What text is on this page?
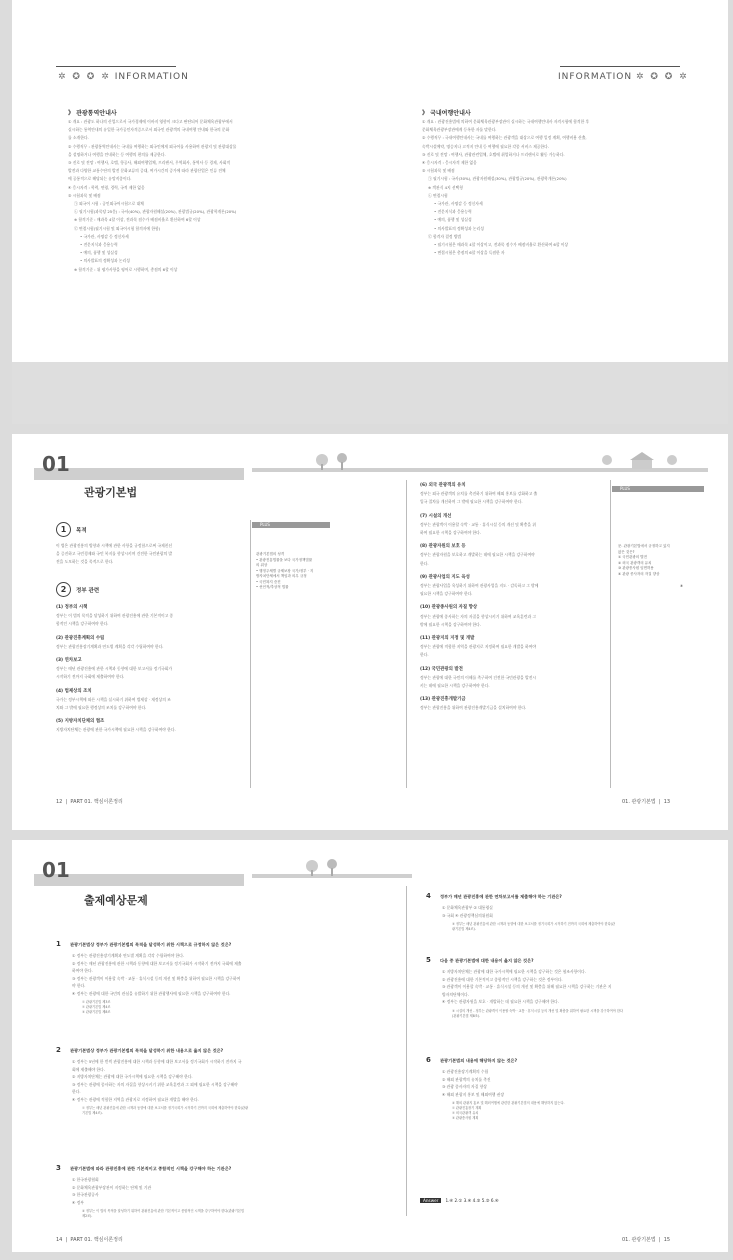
✲ ✪ ✪ ✲ INFORMATION	INFORMATION ✲ ✪ ✪ ✲
》 관광통역안내사
① 개요 : 관광도 하나의 산업으로서 국가경제에 이바지 영향이 크다고 판단되어 문화체육관광부에서
실시하는 통역안내의 유일한 국가공인자격증으로서 외국인 관광객의 국내여행 안내와 한국의 문화
를 소개한다.
② 수행직무 : 관광통역안내사는 국내를 여행하는 외국인에게 외국어를 사용하여 관광지 및 관광대상물
을 설명하거나 여행을 안내하는 등 여행의 편의를 제공한다.
③ 진로 및 전망 : 여행사, 호텔, 항공사, 해외여행업체, 프리랜서, 무역회사, 통역사 등 경제, 사회적
발전과 다양한 교통수단의 발전 문화교류의 증대, 여가시간의 증가에 따라 관광산업은 인류 전체
에 공통적으로 해당되는 유망직종이다.
④ 응시자격 : 학력, 연령, 경력, 국적 제한 없음
⑤ 시험과목 및 배점
㉠ 외국어 시험 : 공인외국어시험으로 대체
㉡ 필기시험(과목당 25문) : 국사(40%), 관광자원해설(20%), 관광법규(20%), 관광학개론(20%)
※ 합격기준 : 매과목 4할 이상, 전과목 점수가 배점비율로 환산하여 6할 이상
㉢ 면접시험(필기시험 및 외국어시험 합격자에 한함)
• 국가관, 사명감 등 정신자세
• 전문지식과 응용능력
• 예의, 품행 및 성실성
• 의사발표의 정확성과 논리성
※ 합격기준 : 위 평가사항을 평어로 시행하며, 총점의 6할 이상
》 국내여행안내사
① 개요 : 관광진흥법에 의하여 문화체육관광부장관이 실시하는 국내여행안내사 자격시험에 합격한 후
문화체육관광부장관에게 등록한 자를 말한다.
② 수행직무 : 국내여행안내사는 국내를 여행하는 관광객을 대상으로 여행 일정 계획, 여행비용 산출,
숙박시설예약, 명승지나 고적지 안내 등 여행에 필요한 각종 서비스 제공한다.
③ 진로 및 전망 : 여행사, 관광관련업체, 호텔에 취업하거나 프리랜서로 활동 가능하다.
④ 응시자격 : 응시자격 제한 없음
⑤ 시험과목 및 배점
㉠ 필기시험 : 국사(30%), 관광자원해설(30%), 관광법규(20%), 관광학개론(20%)
※ 객관식 4지 선택형
㉡ 면접시험
• 국가관, 사명감 등 정신자세
• 전문지식과 응용능력
• 예의, 품행 및 성실성
• 의사발표의 정확성과 논리성
㉢ 합격자 결정 방법
• 필기시험은 매과목 4할 이상이고, 전과목 점수가 배점비율로 환산하여 6할 이상
• 면접시험은 총점의 6할 이상을 득점한 자
01
관광기본법
1 목적
이 법은 관광진흥의 방향과 시책에 관한 사항을 규정함으로써 국제친선
을 증진하고 국민경제와 국민 복지를 향상시키며 건전한 국민관광의 발
전을 도모하는 것을 목적으로 한다.
2 정부 관련
(1) 정부의 시책
정부는 이 법의 목적을 달성하기 위하여 관광진흥에 관한 기본적이고 종
합적인 시책을 강구하여야 한다.
(2) 관광진흥계획의 수립
정부는 관광진흥장기계획과 연도별 계획을 각각 수립하여야 한다.
(3) 연차보고
정부는 매년 관광진흥에 관한 시책과 동향에 대한 보고서를 정기국회가
시작하기 전까지 국회에 제출하여야 한다.
(4) 법제상의 조치
국가는 정부시책에 따른 시책을 실시하기 위하여 법제상 · 재정상의 조
치와 그 밖에 필요한 행정상의 조치를 강구하여야 한다.
(5) 지방자치단체의 협조
지방자치단체는 관광에 관한 국가시책에 필요한 시책을 강구하여야 한다.
PLUS
관광기본법의 성격
• 관광진흥법률을 보다 국가정책법률
의 위상
• 행정주체별 규제보장 국가/정부 · 지
방자치단체에서 책임과 의무 규정
• 국민복지 증진
• 선언적/추상적 법률
(6) 외국 관광객의 유치
정부는 외국 관광객의 유치를 촉진하기 위하여 해외 홍보를 강화하고 출
입국 절차를 개선하며 그 밖에 필요한 시책을 강구하여야 한다.
(7) 시설의 개선
정부는 관광객이 이용할 숙박 · 교통 · 휴식시설 등의 개선 및 확충을 위
하여 필요한 시책을 강구하여야 한다.
(8) 관광자원의 보호 등
정부는 관광자원을 보호하고 개발하는 데에 필요한 시책을 강구하여야
한다.
(9) 관광사업의 지도 육성
정부는 관광사업을 육성하기 위하여 관광사업을 지도 · 감독하고 그 밖에
필요한 시책을 강구하여야 한다.
(10) 관광종사원의 자질 향상
정부는 관광에 종사하는 자의 자질을 향상시키기 위하여 교육훈련과 그
밖에 필요한 시책을 강구하여야 한다.
(11) 관광지의 지정 및 개발
정부는 관광에 적합한 지역을 관광지로 지정하여 필요한 개발을 하여야
한다.
(12) 국민관광의 발전
정부는 관광에 대한 국민의 이해를 촉구하여 건전한 국민관광을 발전시
키는 데에 필요한 시책을 강구하여야 한다.
(13) 관광진흥개발기금
정부는 관광진흥을 위하여 관광진흥개발기금을 설치하여야 한다.
PLUS
문. 관광기본법에서 규정하고 있지
않은 것은?
① 국민관광의 발전
② 외국 관광객의 유치
③ 관광종사원 임면허용
④ 관광 종사자의 자질 향상
③
12  |  PART 01. 핵심이론정리	01. 관광기본법  |  13
01
출제예상문제
1 관광기본법상 정부가 관광기본법의 목적을 달성하기 위한 시책으로 규정하지 않은 것은?
① 정부는 관광진흥장기계획과 연도별 계획을 각각 수립하여야 한다.
② 정부는 매년 관광진흥에 관한 시책과 동향에 대한 보고서를 정기국회가 시작하기 전까지 국회에 제출
하여야 한다.
③ 정부는 관광객이 이용할 숙박 · 교통 · 휴식시설 등의 개선 및 확충을 위하여 필요한 시책을 강구하여
야 한다.
④ 정부는 관광에 대한 국민의 관심을 유발하기 위한 관광행사에 필요한 시책을 강구하여야 한다.
① 관광기본법 제3조
② 관광기본법 제4조
③ 관광기본법 제8조
2 관광기본법상 정부가 관광기본법의 목적을 달성하기 위한 내용으로 옳지 않은 것은?
① 정부는 5년에 한 번씩 관광진흥에 대한 시책과 동향에 대한 보고서를 정기국회가 시작하기 전까지 국
회에 제출해야 한다.
② 지방자치단체는 관광에 대한 국가시책에 필요한 시책을 강구해야 한다.
③ 정부는 관광에 종사하는 자의 자질을 향상시키기 위한 교육훈련과 그 외에 필요한 시책을 강구해야
한다.
④ 정부는 관광에 적합한 지역을 관광지로 지정하여 필요한 개발을 해야 한다.
① 정부는 매년 관광진흥에 관한 시책과 동향에 대한 보고서를 정기국회가 시작하기 전까지 국회에 제출하여야 한다(관광
기본법 제4조).
3 관광기본법에 따라 관광진흥에 관한 기본적이고 종합적인 시책을 강구해야 하는 기관은?
① 한국관광협회
② 문화체육관광부장관이 지정하는 단체 및 기관
③ 한국관광공사
④ 정부
④ 정부는 이 법의 목적을 달성하기 위하여 관광진흥에 관한 기본적이고 종합적인 시책을 강구하여야 한다(관광기본법
제2조).
4 정부가 매년 관광진흥에 관한 연차보고서를 제출해야 하는 기관은?
① 문화체육관광부 ② 대통령실
③ 국회 ④ 관광정책심의위원회
③ 정부는 매년 관광진흥에 관한 시책과 동향에 대한 보고서를 정기국회가 시작하기 전까지 국회에 제출하여야 한다(관
광기본법 제4조).
5 다음 중 관광기본법에 대한 내용이 옳지 않은 것은?
① 지방자치단체는 관광에 대한 국가시책에 필요한 시책을 강구하는 것은 협조사항이다.
② 관광진흥에 대한 기본적이고 종합적인 시책을 강구하는 것은 정부이다.
③ 관광객이 이용할 숙박 · 교통 · 휴식시설 등의 개선 및 확충을 위해 필요한 시책을 강구하는 기관은 지
방자치단체이다.
④ 정부는 관광자원을 보호 · 개발하는 데 필요한 시책을 강구해야 한다.
③ 시설의 개선 - 정부는 관광객이 이용할 숙박 · 교통 · 휴식시설 등의 개선 및 확충을 위하여 필요한 시책을 강구하여야 한다
(관광기본법 제8조).
6 관광기본법의 내용에 해당하지 않는 것은?
① 관광진흥장기계획의 수립
② 해외 관광객의 유치를 촉진
③ 관광 종사자의 자질 향상
④ 해외 관광지 홍보 및 해외여행 권장
④ 해외 관광지 홍보 및 해외여행에 관련한 관광기본법의 내용에 해당하지 않는다.
① 관광진흥장기 계획
② 외국관광객 유치
③ 관광종사원 계획
Answer 1.④ 2.① 3.④ 4.③ 5.③ 6.④
14  |  PART 01. 핵심이론정리	01. 관광기본법  |  15
